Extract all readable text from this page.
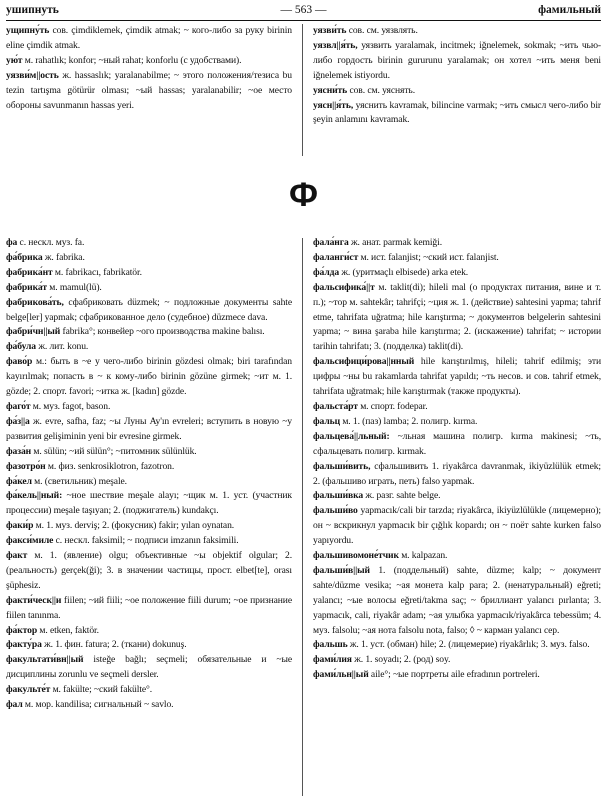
ушипнуть	— 563 —	фамильный
ущипну́ть сов. çimdiklemek, çimdik atmak; ~ кого-либо за руку birinin eline çimdik atmak.
ую́т м. rahatlık; konfor; ~ный rahat; konforlu (с удобствами).
уязви́м||ость ж. hassaslık; yaralanabilme; ~ этого положения/тезиса bu tezin tartışma götürür olması; ~ый hassas; yaralanabilir; ~ое место обороны savunmanın hassas yeri.
уязви́ть сов. см. уязвлять.
уязвл||я́ть, уязвить yaralamak, incitmek; iğnelemek, sokmak; ~ить чью-либо гордость birinin gururunu yaralamak; он хотел ~ить меня beni iğnelemek istiyordu.
уясни́ть сов. см. уяснять.
уясн||я́ть, уяснить kavramak, bilincine varmak; ~ить смысл чего-либо bir şeyin anlamını kavramak.
Ф
фа с. нескл. муз. fa.
фа́брика ж. fabrika.
фабрика́нт м. fabrikacı, fabrikatör.
фабрика́т м. mamul(lü).
фабрикова́ть, сфабриковать düzmek; ~ подложные документы sahte belge[ler] yapmak; сфабрикованное дело (судебное) düzmece dava.
фабри́чн||ый fabrika°; конвейер ~ого производства makine balısı.
фа́була ж. лит. konu.
фаво́р м.: быть в ~е у чего-либо birinin gözdesi olmak; biri tarafından kayırılmak; попасть в ~ к кому-либо birinin gözüne girmek; ~ит м. 1. gözde; 2. спорт. favori; ~итка ж. [kadın] gözde.
фаго́т м. муз. fagot, bason.
фа́з||а ж. evre, safha, faz; ~ы Луны Ay'ın evreleri; вступить в новую ~у развития gelişiminin yeni bir evresine girmek.
фаза́н м. sülün; ~ий sülün°; ~питомник sülünlük.
фазотро́н м. физ. senkrosiklotron, fazotron.
фа́кел м. (светильник) meşale.
фа́кель||ный: ~ное шествие meşale alayı; ~щик м. 1. уст. (участник процессии) meşale taşıyan; 2. (поджигатель) kundakçı.
факи́р м. 1. муз. derviş; 2. (фокусник) fakir; yılan oynatan.
факси́миле с. нескл. faksimil; ~ подписи imzanın faksimili.
факт м. 1. (явление) olgu; объективные ~ы objektif olgular; 2. (реальность) gerçek(ği); 3. в значении частицы, прост. elbet[te], orası şüphesiz.
факти́ческ||и fiilen; ~ий fiili; ~ое положение fiili durum; ~ое признание fiilen tanınma.
фа́ктор м. etken, faktör.
факту́ра ж. 1. фин. fatura; 2. (ткани) dokunuş.
факультати́вн||ый isteğe bağlı; seçmeli; обязательные и ~ые дисциплины zorunlu ve seçmeli dersler.
факульте́т м. fakülte; ~ский fakülte°.
фал м. мор. kandilisa; сигнальный ~ savlo.
фала́нга ж. анат. parmak kemiği.
фаланги́ст м. ист. falanjist; ~ский ист. falanjist.
фа́лда ж. (уритмаçlı elbisede) arka etek.
фальсифика́||т м. taklit(di); hileli mal (о продуктах питания, вине и т. п.); ~тор м. sahtekâr; tahrifçi; ~ция ж. 1. (действие) sahtesini yapma; tahrif etme, tahrifata uğratma; hile karıştırma; ~ документов belgelerin sahtesini yapma; ~ вина şaraba hile karıştırma; 2. (искажение) tahrifat; ~ истории tarihin tahrifatı; 3. (подделка) taklit(di).
фальсифици́рова||нный hile karıştırılmış, hileli; tahrif edilmiş; эти цифры ~ны bu rakamlarda tahrifat yapıldı; ~ть несов. и сов. tahrif etmek, tahrifata uğratmak; hile karıştırmak (также продукты).
фальста́рт м. спорт. fodepar.
фальц м. 1. (паз) lamba; 2. полигр. kırma.
фальцева́||льный: ~льная машина полигр. kırma makinesi; ~ть, сфальцевать полигр. kırmak.
фальши́вить, сфальшивить 1. riyakârca davranmak, ikiyüzlülük etmek; 2. (фальшиво играть, петь) falso yapmak.
фальши́вка ж. разг. sahte belge.
фальши́во yapmacık/cali bir tarzda; riyakârca, ikiyüzlülükle (лицемерно); он ~ вскрикнул yapmacık bir çığlık kopardı; он ~ поёт sahte kurken falso yapıyordu.
фальшивомоне́тчик м. kalpazan.
фальши́в||ый 1. (поддельный) sahte, düzme; kalp; ~ документ sahte/düzme vesika; ~ая монета kalp para; 2. (ненатуральный) eğreti; yalancı; ~ые волосы eğreti/takma saç; ~ бриллиант yalancı pırlanta; 3. yapmacık, cali, riyakâr adam; ~ая улыбка yapmacık/riyakârca tebessüm; 4. муз. falsolu; ~ая нота falsolu nota, falso; ◊ ~ карман yalancı cep.
фальшь ж. 1. уст. (обман) hile; 2. (лицемерие) riyakârlık; 3. муз. falso.
фами́лия ж. 1. soyadı; 2. (род) soy.
фами́льн||ый aile°; ~ые портреты aile efradının portreleri.
